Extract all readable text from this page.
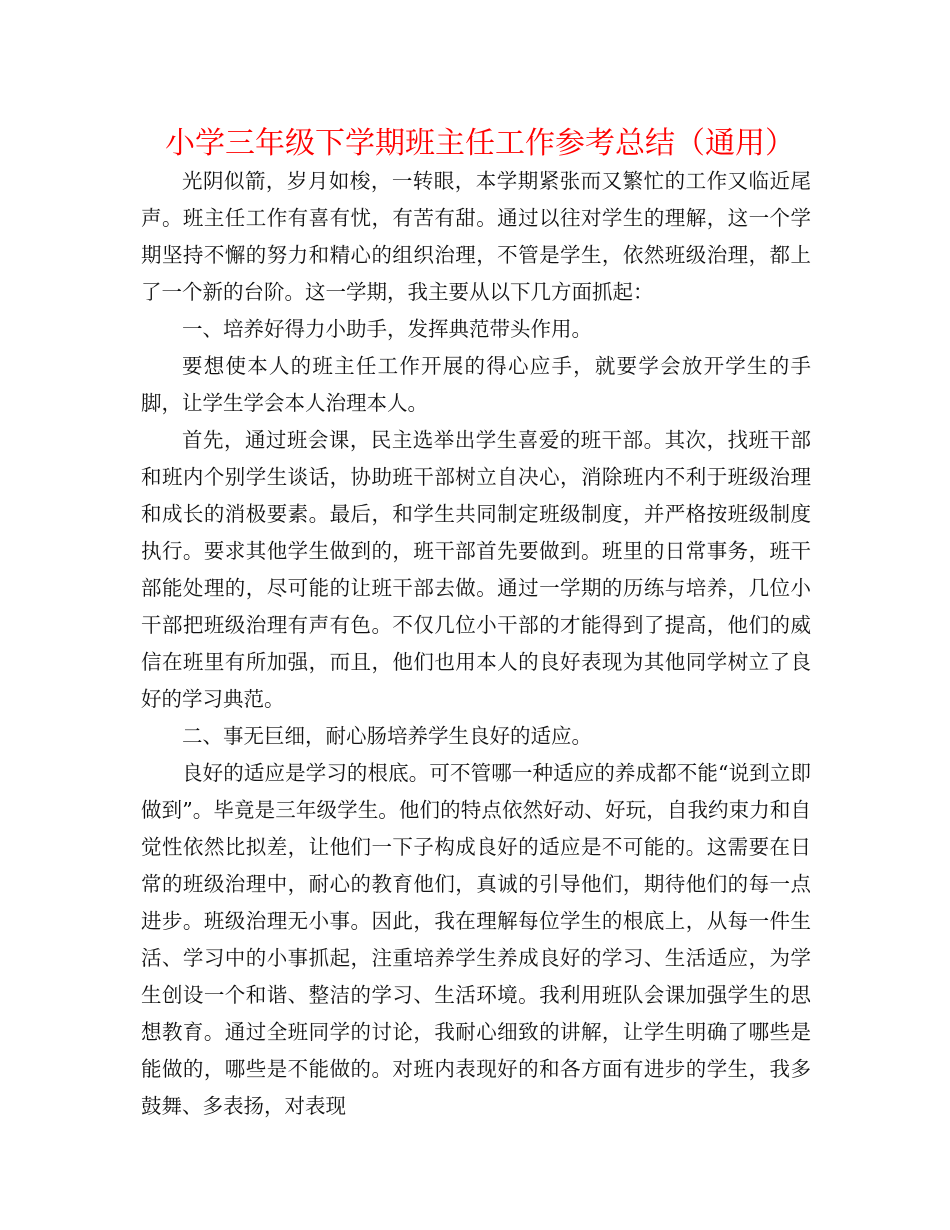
小学三年级下学期班主任工作参考总结（通用）

光阴似箭，岁月如梭，一转眼，本学期紧张而又繁忙的工作又临近尾声。班主任工作有喜有忧，有苦有甜。通过以往对学生的理解，这一个学期坚持不懈的努力和精心的组织治理，不管是学生，依然班级治理，都上了一个新的台阶。这一学期，我主要从以下几方面抓起：

一、培养好得力小助手，发挥典范带头作用。

要想使本人的班主任工作开展的得心应手，就要学会放开学生的手脚，让学生学会本人治理本人。

首先，通过班会课，民主选举出学生喜爱的班干部。其次，找班干部和班内个别学生谈话，协助班干部树立自决心，消除班内不利于班级治理和成长的消极要素。最后，和学生共同制定班级制度，并严格按班级制度执行。要求其他学生做到的，班干部首先要做到。班里的日常事务，班干部能处理的，尽可能的让班干部去做。通过一学期的历练与培养，几位小干部把班级治理有声有色。不仅几位小干部的才能得到了提高，他们的威信在班里有所加强，而且，他们也用本人的良好表现为其他同学树立了良好的学习典范。

二、事无巨细，耐心肠培养学生良好的适应。

良好的适应是学习的根底。可不管哪一种适应的养成都不能“说到立即做到”。毕竟是三年级学生。他们的特点依然好动、好玩，自我约束力和自觉性依然比拟差，让他们一下子构成良好的适应是不可能的。这需要在日常的班级治理中，耐心的教育他们，真诚的引导他们，期待他们的每一点进步。班级治理无小事。因此，我在理解每位学生的根底上，从每一件生活、学习中的小事抓起，注重培养学生养成良好的学习、生活适应，为学生创设一个和谐、整洁的学习、生活环境。我利用班队会课加强学生的思想教育。通过全班同学的讨论，我耐心细致的讲解，让学生明确了哪些是能做的，哪些是不能做的。对班内表现好的和各方面有进步的学生，我多鼓舞、多表扬，对表现
